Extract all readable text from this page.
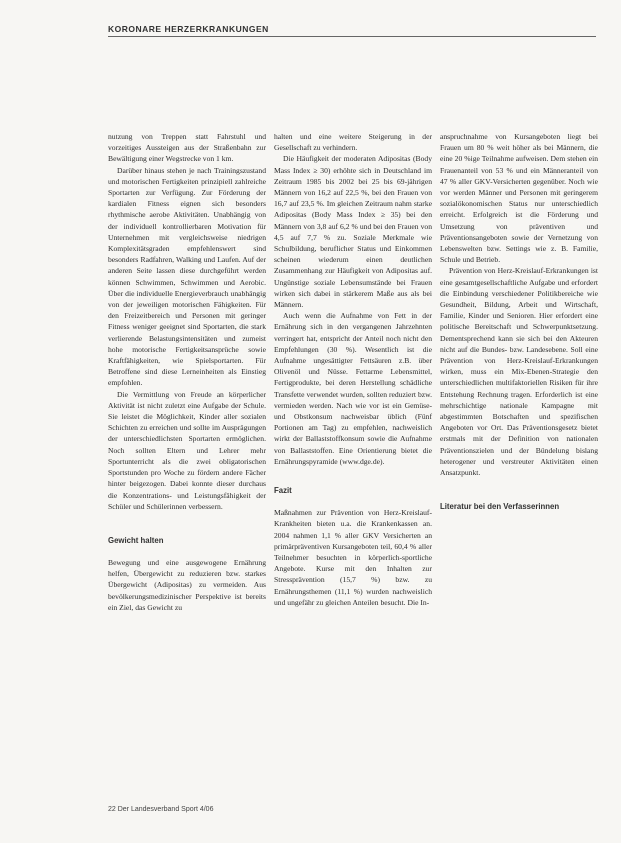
KORONARE HERZERKRANKUNGEN

nutzung von Treppen statt Fahrstuhl und vorzeitiges Aussteigen aus der Straßenbahn zur Bewältigung einer Wegstrecke von 1 km.

Darüber hinaus stehen je nach Trainingszustand und motorischen Fertigkeiten prinzipiell zahlreiche Sportarten zur Verfügung. Zur Förderung der kardialen Fitness eignen sich besonders rhythmische aerobe Aktivitäten. Unabhängig von der individuell kontrollierbaren Motivation für Unternehmen mit vergleichsweise niedrigen Komplexitätsgraden empfehlenswert sind besonders Radfahren, Walking und Laufen. Auf der anderen Seite lassen diese durchgeführt werden können Schwimmen, Schwimmen und Aerobic. Über die individuelle Energieverbrauch unabhängig von der jeweiligen motorischen Fähigkeiten. Für den Freizeitbereich und Personen mit geringer Fitness weniger geeignet sind Sportarten, die stark verlierende Belastungsintensitäten und zumeist hohe motorische Fertigkeitsansprüche sowie Kraftfähigkeiten, wie Spielsportarten. Für Betroffene sind diese Lerneinheiten als Einstieg empfohlen.

Die Vermittlung von Freude an körperlicher Aktivität ist nicht zuletzt eine Aufgabe der Schule. Sie leistet die Möglichkeit, Kinder aller sozialen Schichten zu erreichen und sollte im Ausprägungen der unterschiedlichsten Sportarten ermöglichen. Noch sollten Eltern und Lehrer mehr Sportunterricht als die zwei obligatorischen Sportstunden pro Woche zu fördern andere Fächer hinter beigezogen. Dabei konnte dieser durchaus die Konzentrations- und Leistungsfähigkeit der Schüler und Schülerinnen verbessern.

Gewicht halten

Bewegung und eine ausgewogene Ernährung helfen, Übergewicht zu reduzieren bzw. starkes Übergewicht (Adipositas) zu vermeiden. Aus bevölkerungsmedizinischer Perspektive ist bereits ein Ziel, das Gewicht zu

halten und eine weitere Steigerung in der Gesellschaft zu verhindern.

Die Häufigkeit der moderaten Adipositas (Body Mass Index ≥ 30) erhöhte sich in Deutschland im Zeitraum 1985 bis 2002 bei 25 bis 69-jährigen Männern von 16,2 auf 22,5 %, bei den Frauen von 16,7 auf 23,5 %. Im gleichen Zeitraum nahm starke Adipositas (Body Mass Index ≥ 35) bei den Männern von 3,8 auf 6,2 % und bei den Frauen von 4,5 auf 7,7 % zu. Soziale Merkmale wie Schulbildung, beruflicher Status und Einkommen scheinen wiederum einen deutlichen Zusammenhang zur Häufigkeit von Adipositas auf. Ungünstige soziale Lebensumstände bei Frauen wirken sich dabei in stärkerem Maße aus als bei Männern.

Auch wenn die Aufnahme von Fett in der Ernährung sich in den vergangenen Jahrzehnten verringert hat, entspricht der Anteil noch nicht den Empfehlungen (30 %). Wesentlich ist die Aufnahme ungesättigter Fettsäuren z.B. über Olivenöl und Nüsse. Fettarme Lebensmittel, Fertigprodukte, bei deren Herstellung schädliche Transfette verwendet wurden, sollten reduziert bzw. vermieden werden. Nach wie vor ist ein Gemüse- und Obstkonsum nachweisbar üblich (Fünf Portionen am Tag) zu empfehlen, nachweislich wirkt der Ballaststoffkonsum sowie die Aufnahme von Ballaststoffen. Eine Orientierung bietet die Ernährungspyramide (www.dge.de).

Fazit

Maßnahmen zur Prävention von Herz-Kreislauf-Krankheiten bieten u.a. die Krankenkassen an. 2004 nahmen 1,1 % aller GKV Versicherten an primärpräventiven Kursangeboten teil, 60,4 % aller Teilnehmer besuchten in körperlich-sportliche Angebote. Kurse mit den Inhalten zur Stressprävention (15,7 %) bzw. zu Ernährungsthemen (11,1 %) wurden nachweislich und ungefähr zu gleichen Anteilen besucht. Die In-

anspruchnahme von Kursangeboten liegt bei Frauen um 80 % weit höher als bei Männern, die eine 20 %ige Teilnahme aufweisen. Dem stehen ein Frauenanteil von 53 % und ein Männeranteil von 47 % aller GKV-Versicherten gegenüber. Noch wie vor werden Männer und Personen mit geringerem sozialökonomischen Status nur unterschiedlich erreicht. Erfolgreich ist die Förderung und Umsetzung von präventiven und Präventionsangeboten sowie der Vernetzung von Lebenswelten bzw. Settings wie z. B. Familie, Schule und Betrieb.

Prävention von Herz-Kreislauf-Erkrankungen ist eine gesamtgesellschaftliche Aufgabe und erfordert die Einbindung verschiedener Politikbereiche wie Gesundheit, Bildung, Arbeit und Wirtschaft, Familie, Kinder und Senioren. Hier erfordert eine politische Bereitschaft und Schwerpunktsetzung. Dementsprechend kann sie sich bei den Akteuren nicht auf die Bundes- bzw. Landesebene. Soll eine Prävention von Herz-Kreislauf-Erkrankungen wirken, muss ein Mix-Ebenen-Strategie den unterschiedlichen multifaktoriellen Risiken für ihre Entstehung Rechnung tragen. Erforderlich ist eine mehrschichtige nationale Kampagne mit abgestimmten Botschaften und spezifischen Angeboten vor Ort. Das Präventionsgesetz bietet erstmals mit der Definition von nationalen Präventionszielen und der Bündelung bislang heterogener und verstreuter Aktivitäten einen Ansatzpunkt.

Literatur bei den Verfasserinnen
22 Der Landesverband Sport 4/06
